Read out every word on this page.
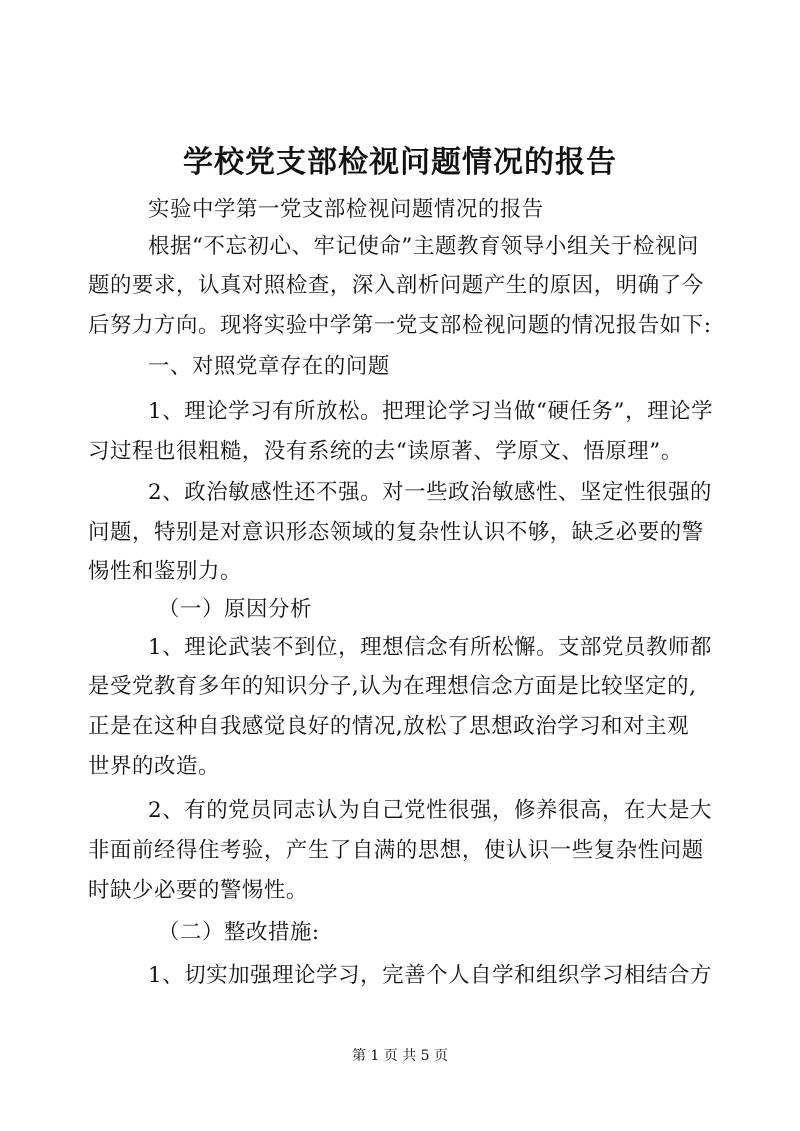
学校党支部检视问题情况的报告
实验中学第一党支部检视问题情况的报告
根据“不忘初心、牢记使命”主题教育领导小组关于检视问
题的要求，认真对照检查，深入剖析问题产生的原因，明确了今
后努力方向。现将实验中学第一党支部检视问题的情况报告如下:
一、对照党章存在的问题
1、理论学习有所放松。把理论学习当做“硬任务”，理论学
习过程也很粗糙，没有系统的去“读原著、学原文、悟原理”。
2、政治敏感性还不强。对一些政治敏感性、坚定性很强的
问题，特别是对意识形态领域的复杂性认识不够，缺乏必要的警
惕性和鉴别力。
（一）原因分析
1、理论武装不到位，理想信念有所松懈。支部党员教师都
是受党教育多年的知识分子,认为在理想信念方面是比较坚定的,
正是在这种自我感觉良好的情况,放松了思想政治学习和对主观
世界的改造。
2、有的党员同志认为自己党性很强，修养很高，在大是大
非面前经得住考验，产生了自满的思想，使认识一些复杂性问题
时缺少必要的警惕性。
（二）整改措施:
1、切实加强理论学习，完善个人自学和组织学习相结合方
第 1 页 共 5 页
